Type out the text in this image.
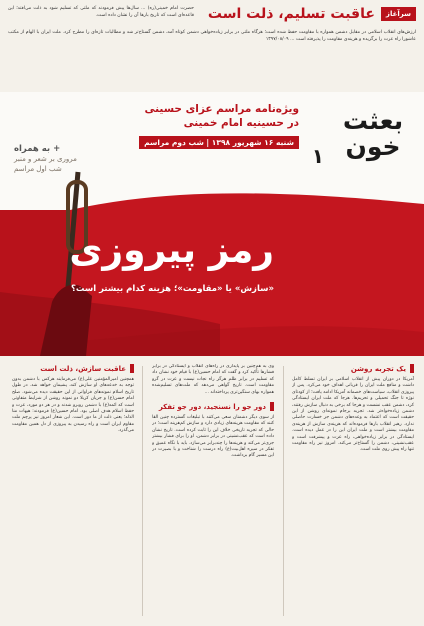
سرآغاز
عاقبت تسلیم، ذلت است
حضرت امام خمینی(ره) ... سال‌ها پیش فرمودند که ملتی که تسلیم شود به ذلت می‌افتد؛ این قاعده‌ای است که تاریخ بارها آن را نشان داده است.
ارزش‌های انقلاب اسلامی در مقابل دشمن همواره با مقاومت حفظ شده است؛ هرگاه ملتی در برابر زیاده‌خواهی دشمن کوتاه آمد، دشمن گستاخ‌تر شد و مطالبات تازه‌ای را مطرح کرد. ملت ایران با الهام از مکتب عاشورا راه عزت را برگزیده و هزینه‌ی مقاومت را پذیرفته است ... ۱۳۹۷/۰۸/۰۹
بعثت
خون
۱
ویژه‌نامه مراسم عزای حسینی
در حسینیه امام خمینی
شنبه ۱۶ شهریور ۱۳۹۸ | شب دوم مراسم
+ به همراه
مروری بر شعر و منبر
شب اول مراسم
رمز پیروزی
«سازش» یا «مقاومت»؛ هزینه کدام بیشتر است؟
یک تجربه روشن
آمریکا در دوران پیش از انقلاب اسلامی بر ایران تسلط کامل داشت و منافع ملت ایران را قربانی اهداف خود می‌کرد. پس از پیروزی انقلاب، سیاست‌های خصمانه آمریکا ادامه یافت؛ از کودتای نوژه تا جنگ تحمیلی و تحریم‌ها. هرجا که ملت ایران ایستادگی کرد، دشمن عقب نشست و هرجا که برخی به دنبال سازش رفتند، دشمن زیاده‌خواه‌تر شد. تجربه برجام نمونه‌ای روشن از این حقیقت است که اعتماد به وعده‌های دشمن جز خسارت حاصلی ندارد. رهبر انقلاب بارها فرموده‌اند که هزینه‌ی سازش از هزینه‌ی مقاومت بیشتر است و ملت ایران این را در عمل دیده است. ایستادگی در برابر زیاده‌خواهی، راه عزت و پیشرفت است و عقب‌نشینی، دشمن را گستاخ‌تر می‌کند. امروز نیز راه مقاومت تنها راه پیش روی ملت است.
وی به هم‌چنین بر پایداری در راه‌های انقلاب و ایستادگی در برابر فشارها تأکید کرد و گفت که امام حسین(ع) با قیام خود نشان داد که تسلیم در برابر ظلم هرگز راه نجات نیست و عزت در گرو مقاومت است. تاریخ گواهی می‌دهد که ملت‌های تسلیم‌شده همواره بهای سنگین‌تری پرداخته‌اند ...
دور جو را نسنجید، دور جو تفکر
از سوی دیگر دشمنان سعی می‌کنند با تبلیغات گسترده چنین القا کنند که مقاومت هزینه‌های زیادی دارد و سازش کم‌هزینه است؛ در حالی که تجربه تاریخی خلاف این را ثابت کرده است. تاریخ نشان داده است که عقب‌نشینی در برابر دشمن، او را برای فشار بیشتر جری‌تر می‌کند و هزینه‌ها را چندبرابر می‌سازد. باید با نگاه عمیق و تفکر در سیره اهل‌بیت(ع) راه درست را شناخت و با بصیرت در این مسیر گام برداشت.
عاقبت سازش، ذلت است
همچنین امیرالمؤمنین علی(ع) می‌فرمایند هرکس با دشمن بدون توجه به خدعه‌های او سازش کند، پشیمان خواهد شد. در طول تاریخ اسلام نمونه‌های فراوانی از این حقیقت دیده می‌شود. صلح امام حسن(ع) و جریان کربلا دو نمونه روشن از شرایط متفاوتی است که ائمه(ع) با دشمن روبرو شدند و در هر دو مورد، عزت و حفظ اسلام هدف اصلی بود. امام حسین(ع) فرمودند: هیهات منا الذله؛ یعنی ذلت از ما دور است. این شعار امروز نیز پرچم ملت مقاوم ایران است و راه رسیدن به پیروزی از دل همین مقاومت می‌گذرد.
